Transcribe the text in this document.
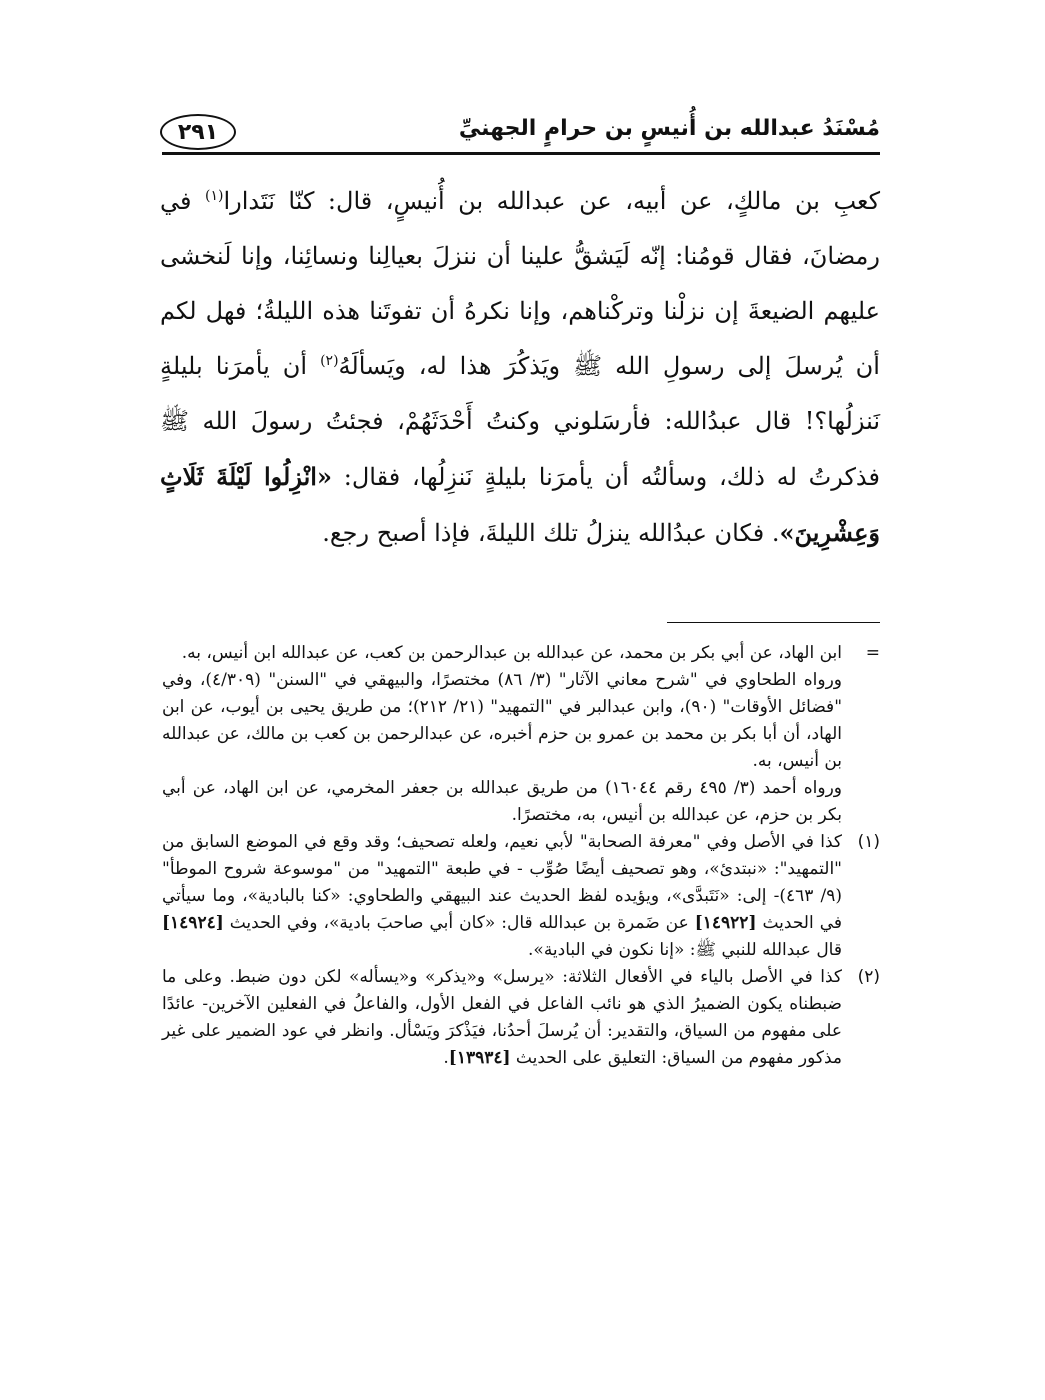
٢٩١	مُسْنَدُ عبدالله بن أُنيسٍ بن حرامٍ الجهنيِّ
كعبِ بن مالكٍ، عن أبيه، عن عبدالله بن أُنيسٍ، قال: كنّا نَتَدارا$^{(١)}$ في رمضانَ، فقال قومُنا: إنّه لَيَشقُّ علينا أن ننزلَ بعيالِنا ونسائِنا، وإنا لَنخشى عليهم الضيعةَ إن نزلْنا وتركْناهم، وإنا نكرهُ أن تفوتَنا هذه الليلةُ؛ فهل لكم أن يُرسلَ إلى رسولِ الله ﷺ ويَذكُرَ هذا له، ويَسألَهُ$^{(٢)}$ أن يأمرَنا بليلةٍ نَنزلُها؟! قال عبدُالله: فأرسَلوني وكنتُ أَحْدَثَهُمْ، فجئتُ رسولَ الله ﷺ فذكرتُ له ذلك، وسألتُه أن يأمرَنا بليلةٍ نَنزِلُها، فقال: «انْزِلُوا لَيْلَةَ ثَلَاثٍ وَعِشْرِينَ». فكان عبدُالله ينزلُ تلك الليلةَ، فإذا أصبح رجع.
=

ابن الهاد، عن أبي بكر بن محمد، عن عبدالله بن عبدالرحمن بن كعب، عن عبدالله ابن أنيس، به.

ورواه الطحاوي في "شرح معاني الآثار" (٣/ ٨٦) مختصرًا، والبيهقي في "السنن" (٤/٣٠٩)، وفي "فضائل الأوقات" (٩٠)، وابن عبدالبر في "التمهيد" (٢١/ ٢١٢)؛ من طريق يحيى بن أيوب، عن ابن الهاد، أن أبا بكر بن محمد بن عمرو بن حزم أخبره، عن عبدالرحمن بن كعب بن مالك، عن عبدالله بن أنيس، به.

ورواه أحمد (٣/ ٤٩٥ رقم ١٦٠٤٤) من طريق عبدالله بن جعفر المخرمي، عن ابن الهاد، عن أبي بكر بن حزم، عن عبدالله بن أنيس، به، مختصرًا.

(١)

كذا في الأصل وفي "معرفة الصحابة" لأبي نعيم، ولعله تصحيف؛ وقد وقع في الموضع السابق من "التمهيد": «نبتدئ»، وهو تصحيف أيضًا صُوِّب - في طبعة "التمهيد" من "موسوعة شروح الموطأ" (٩/ ٤٦٣)- إلى: «نَتَبدَّى»، ويؤيده لفظ الحديث عند البيهقي والطحاوي: «كنا بالبادية»، وما سيأتي في الحديث [١٤٩٢٢] عن ضَمرة بن عبدالله قال: «كان أبي صاحبَ بادية»، وفي الحديث [١٤٩٢٤] قال عبدالله للنبي ﷺ: «إنا نكون في البادية».

(٢)

كذا في الأصل بالياء في الأفعال الثلاثة: «يرسل» و«يذكر» و«يسأله» لكن دون ضبط. وعلى ما ضبطناه يكون الضميرُ الذي هو نائب الفاعل في الفعل الأول، والفاعلُ في الفعلين الآخرين- عائدًا على مفهوم من السياق، والتقدير: أن يُرسلَ أحدُنا، فيَذْكرَ ويَسْأل. وانظر في عود الضمير على غير مذكور مفهوم من السياق: التعليق على الحديث [١٣٩٣٤].
